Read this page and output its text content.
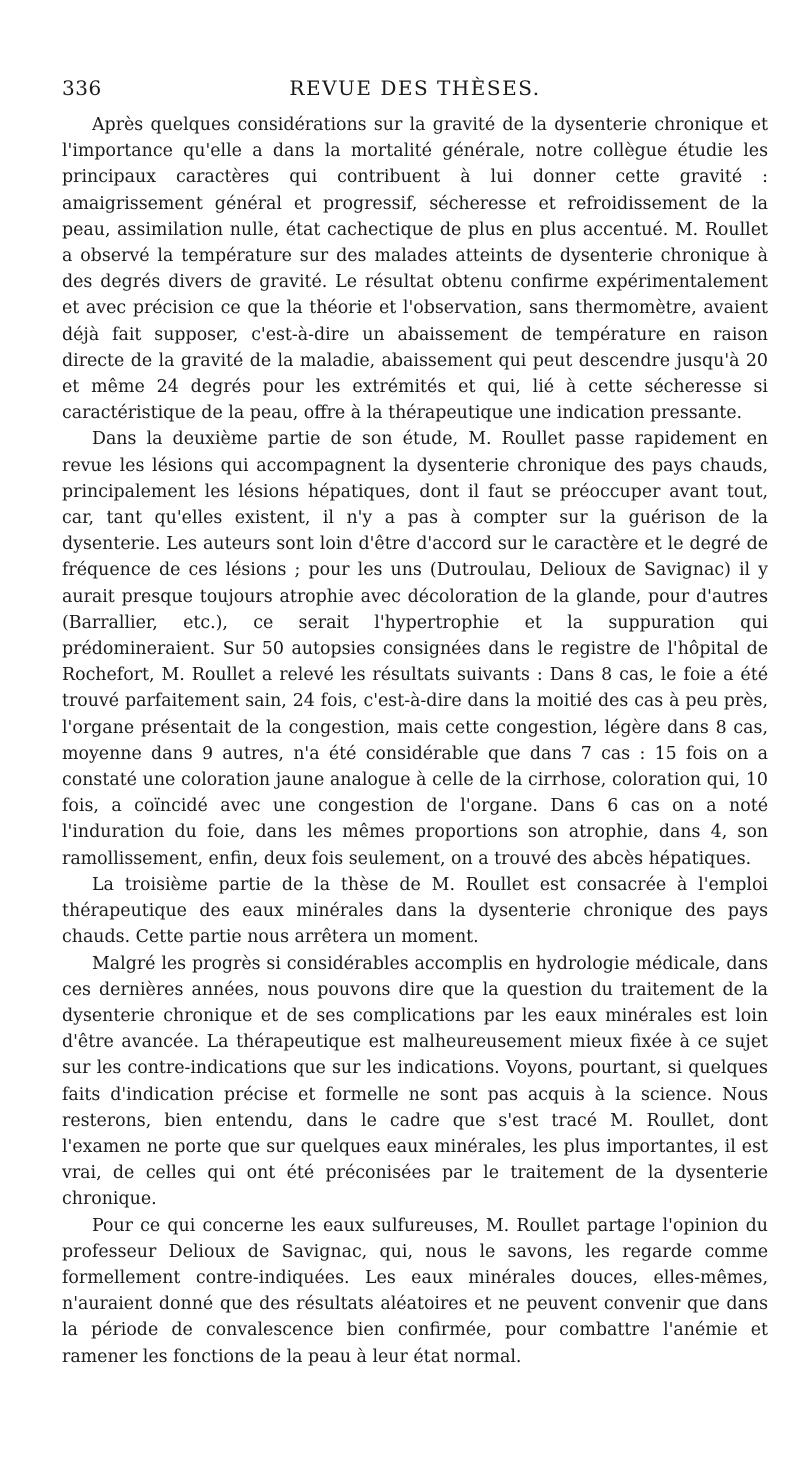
336	REVUE DES THÈSES.

Après quelques considérations sur la gravité de la dysenterie chronique et l'importance qu'elle a dans la mortalité générale, notre collègue étudie les principaux caractères qui contribuent à lui donner cette gravité : amaigrissement général et progressif, sécheresse et refroidissement de la peau, assimilation nulle, état cachectique de plus en plus accentué. M. Roullet a observé la température sur des malades atteints de dysenterie chronique à des degrés divers de gravité. Le résultat obtenu confirme expérimentalement et avec précision ce que la théorie et l'observation, sans thermomètre, avaient déjà fait supposer, c'est-à-dire un abaissement de température en raison directe de la gravité de la maladie, abaissement qui peut descendre jusqu'à 20 et même 24 degrés pour les extrémités et qui, lié à cette sécheresse si caractéristique de la peau, offre à la thérapeutique une indication pressante.

Dans la deuxième partie de son étude, M. Roullet passe rapidement en revue les lésions qui accompagnent la dysenterie chronique des pays chauds, principalement les lésions hépatiques, dont il faut se préoccuper avant tout, car, tant qu'elles existent, il n'y a pas à compter sur la guérison de la dysenterie. Les auteurs sont loin d'être d'accord sur le caractère et le degré de fréquence de ces lésions ; pour les uns (Dutroulau, Delioux de Savignac) il y aurait presque toujours atrophie avec décoloration de la glande, pour d'autres (Barrallier, etc.), ce serait l'hypertrophie et la suppuration qui prédomineraient. Sur 50 autopsies consignées dans le registre de l'hôpital de Rochefort, M. Roullet a relevé les résultats suivants : Dans 8 cas, le foie a été trouvé parfaitement sain, 24 fois, c'est-à-dire dans la moitié des cas à peu près, l'organe présentait de la congestion, mais cette congestion, légère dans 8 cas, moyenne dans 9 autres, n'a été considérable que dans 7 cas : 15 fois on a constaté une coloration jaune analogue à celle de la cirrhose, coloration qui, 10 fois, a coïncidé avec une congestion de l'organe. Dans 6 cas on a noté l'induration du foie, dans les mêmes proportions son atrophie, dans 4, son ramollissement, enfin, deux fois seulement, on a trouvé des abcès hépatiques.

La troisième partie de la thèse de M. Roullet est consacrée à l'emploi thérapeutique des eaux minérales dans la dysenterie chronique des pays chauds. Cette partie nous arrêtera un moment.

Malgré les progrès si considérables accomplis en hydrologie médicale, dans ces dernières années, nous pouvons dire que la question du traitement de la dysenterie chronique et de ses complications par les eaux minérales est loin d'être avancée. La thérapeutique est malheureusement mieux fixée à ce sujet sur les contre-indications que sur les indications. Voyons, pourtant, si quelques faits d'indication précise et formelle ne sont pas acquis à la science. Nous resterons, bien entendu, dans le cadre que s'est tracé M. Roullet, dont l'examen ne porte que sur quelques eaux minérales, les plus importantes, il est vrai, de celles qui ont été préconisées par le traitement de la dysenterie chronique.

Pour ce qui concerne les eaux sulfureuses, M. Roullet partage l'opinion du professeur Delioux de Savignac, qui, nous le savons, les regarde comme formellement contre-indiquées. Les eaux minérales douces, elles-mêmes, n'auraient donné que des résultats aléatoires et ne peuvent convenir que dans la période de convalescence bien confirmée, pour combattre l'anémie et ramener les fonctions de la peau à leur état normal.
